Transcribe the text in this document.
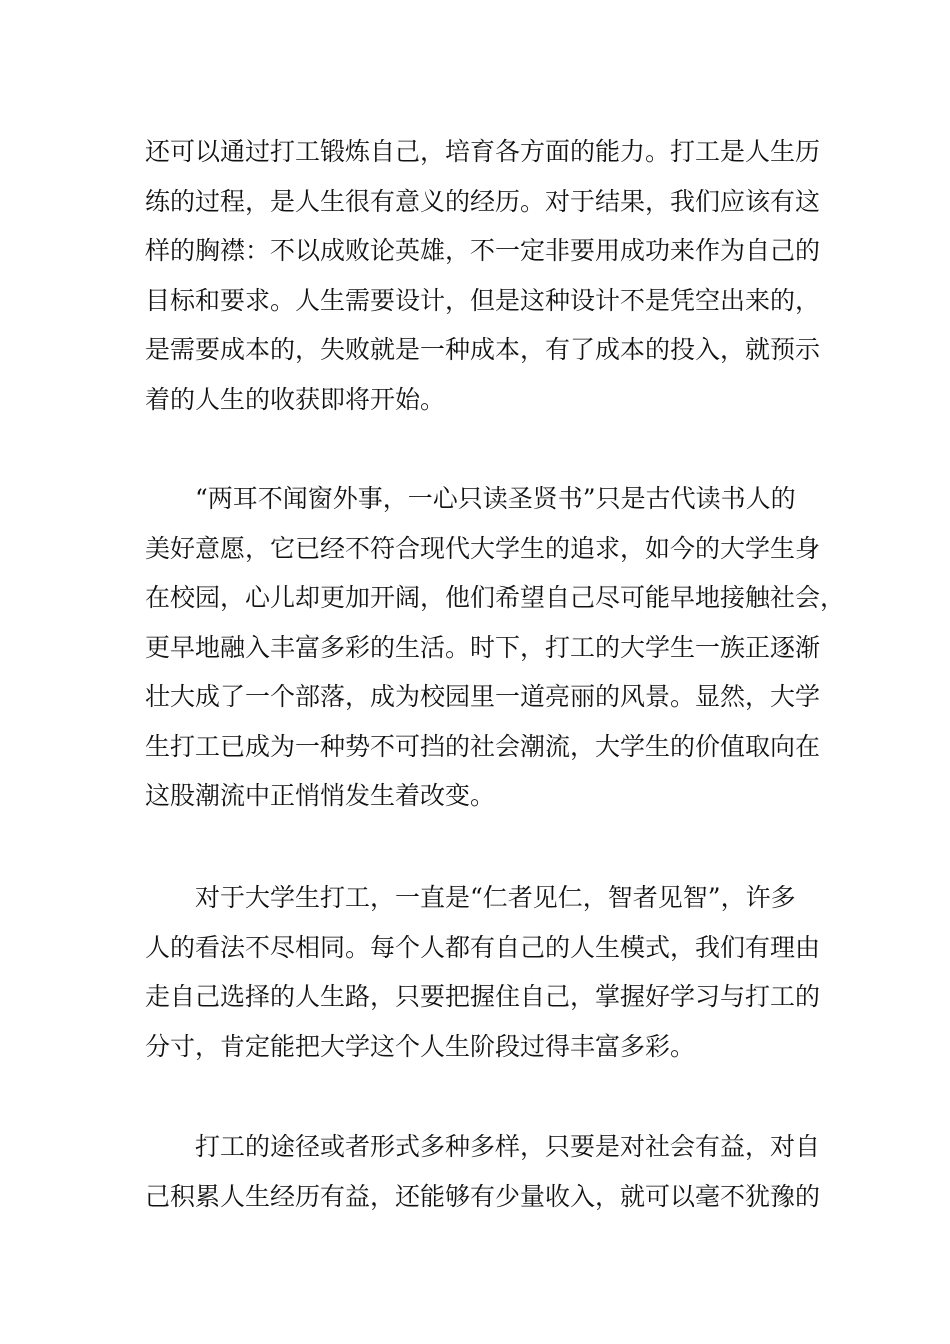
还可以通过打工锻炼自己，培育各方面的能力。打工是人生历
练的过程，是人生很有意义的经历。对于结果，我们应该有这
样的胸襟：不以成败论英雄，不一定非要用成功来作为自己的
目标和要求。人生需要设计，但是这种设计不是凭空出来的，
是需要成本的，失败就是一种成本，有了成本的投入，就预示
着的人生的收获即将开始。
“两耳不闻窗外事，一心只读圣贤书”只是古代读书人的
美好意愿，它已经不符合现代大学生的追求，如今的大学生身
在校园，心儿却更加开阔，他们希望自己尽可能早地接触社会，
更早地融入丰富多彩的生活。时下，打工的大学生一族正逐渐
壮大成了一个部落，成为校园里一道亮丽的风景。显然，大学
生打工已成为一种势不可挡的社会潮流，大学生的价值取向在
这股潮流中正悄悄发生着改变。
对于大学生打工，一直是“仁者见仁，智者见智”，许多
人的看法不尽相同。每个人都有自己的人生模式，我们有理由
走自己选择的人生路，只要把握住自己，掌握好学习与打工的
分寸，肯定能把大学这个人生阶段过得丰富多彩。
打工的途径或者形式多种多样，只要是对社会有益，对自
己积累人生经历有益，还能够有少量收入，就可以毫不犹豫的
